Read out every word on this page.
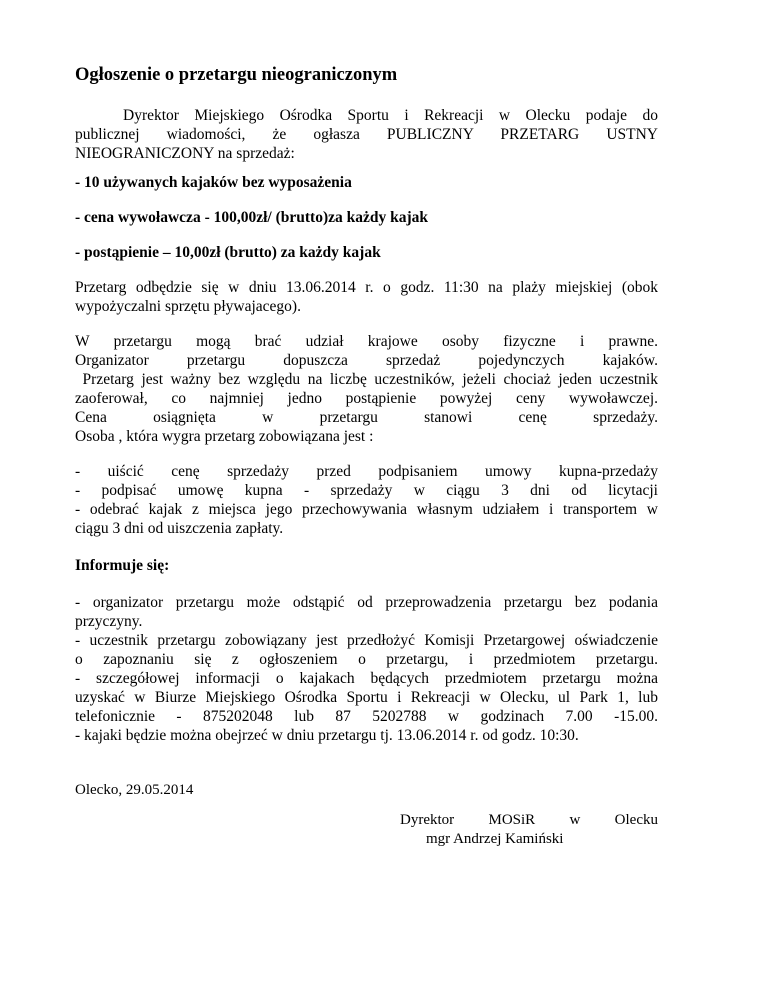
Ogłoszenie o przetargu nieograniczonym
Dyrektor Miejskiego Ośrodka Sportu i Rekreacji w Olecku podaje do
publicznej wiadomości, że ogłasza PUBLICZNY PRZETARG USTNY
NIEOGRANICZONY na sprzedaż:
- 10 używanych kajaków bez wyposażenia
- cena wywoławcza - 100,00zł/ (brutto)za każdy kajak
- postąpienie – 10,00zł (brutto) za każdy kajak
Przetarg odbędzie się w dniu 13.06.2014 r. o godz. 11:30 na plaży miejskiej (obok
wypożyczalni sprzętu pływajacego).
W przetargu mogą brać udział krajowe osoby fizyczne i prawne.
Organizator przetargu dopuszcza sprzedaż pojedynczych kajaków.
Przetarg jest ważny bez względu na liczbę uczestników, jeżeli chociaż jeden uczestnik
zaoferował, co najmniej jedno postąpienie powyżej ceny wywoławczej.
Cena osiągnięta w przetargu stanowi cenę sprzedaży.
Osoba , która wygra przetarg zobowiązana jest :
- uiścić cenę sprzedaży przed podpisaniem umowy kupna-przedaży
- podpisać umowę kupna - sprzedaży w ciągu 3 dni od licytacji
- odebrać kajak z miejsca jego przechowywania własnym udziałem i transportem w
ciągu 3 dni od uiszczenia zapłaty.
Informuje się:
- organizator przetargu może odstąpić od przeprowadzenia przetargu bez podania
przyczyny.
- uczestnik przetargu zobowiązany jest przedłożyć Komisji Przetargowej oświadczenie
o zapoznaniu się z ogłoszeniem o przetargu, i przedmiotem przetargu.
- szczegółowej informacji o kajakach będących przedmiotem przetargu można
uzyskać w Biurze Miejskiego Ośrodka Sportu i Rekreacji w Olecku, ul Park 1, lub
telefonicznie - 875202048 lub 87 5202788 w godzinach 7.00 -15.00.
- kajaki będzie można obejrzeć w dniu przetargu tj. 13.06.2014 r. od godz. 10:30.
Olecko, 29.05.2014
Dyrektor MOSiR w Olecku
mgr Andrzej Kamiński
